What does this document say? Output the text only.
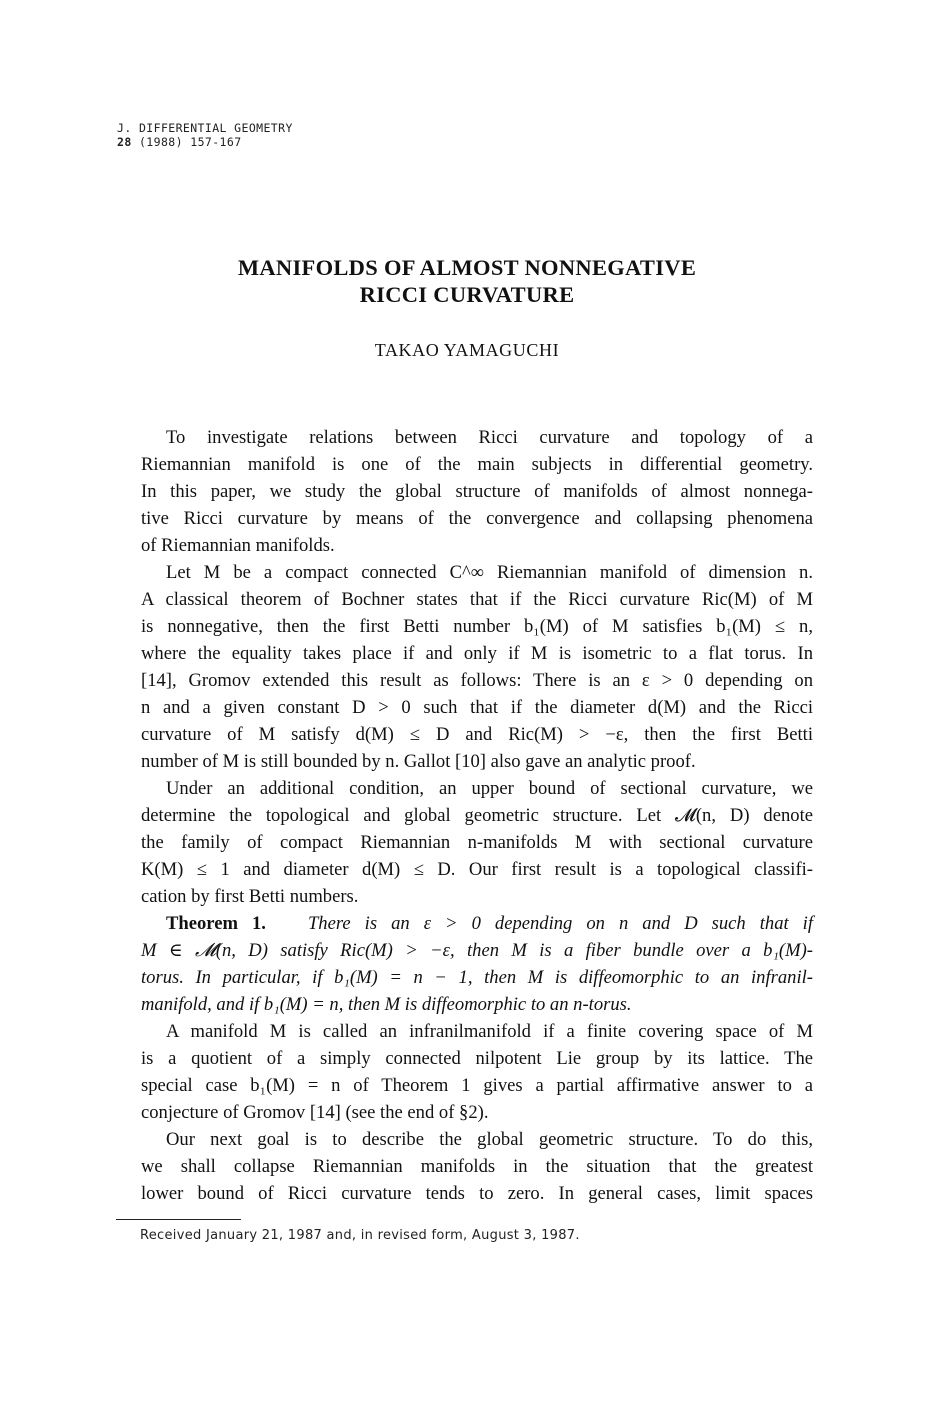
J. DIFFERENTIAL GEOMETRY
28 (1988) 157-167
MANIFOLDS OF ALMOST NONNEGATIVE
RICCI CURVATURE
TAKAO YAMAGUCHI

To investigate relations between Ricci curvature and topology of a
Riemannian manifold is one of the main subjects in differential geometry.
In this paper, we study the global structure of manifolds of almost nonnega-
tive Ricci curvature by means of the convergence and collapsing phenomena
of Riemannian manifolds.

Let M be a compact connected C^∞ Riemannian manifold of dimension n.
A classical theorem of Bochner states that if the Ricci curvature Ric(M) of M
is nonnegative, then the first Betti number b₁(M) of M satisfies b₁(M) ≤ n,
where the equality takes place if and only if M is isometric to a flat torus. In
[14], Gromov extended this result as follows: There is an ε > 0 depending on
n and a given constant D > 0 such that if the diameter d(M) and the Ricci
curvature of M satisfy d(M) ≤ D and Ric(M) > −ε, then the first Betti
number of M is still bounded by n. Gallot [10] also gave an analytic proof.

Under an additional condition, an upper bound of sectional curvature, we
determine the topological and global geometric structure. Let 𝓜(n, D) denote
the family of compact Riemannian n-manifolds M with sectional curvature
K(M) ≤ 1 and diameter d(M) ≤ D. Our first result is a topological classifi-
cation by first Betti numbers.

Theorem 1. There is an ε > 0 depending on n and D such that if
M ∈ 𝓜(n, D) satisfy Ric(M) > −ε, then M is a fiber bundle over a b₁(M)-
torus. In particular, if b₁(M) = n − 1, then M is diffeomorphic to an infranil-
manifold, and if b₁(M) = n, then M is diffeomorphic to an n-torus.

A manifold M is called an infranilmanifold if a finite covering space of M
is a quotient of a simply connected nilpotent Lie group by its lattice. The
special case b₁(M) = n of Theorem 1 gives a partial affirmative answer to a
conjecture of Gromov [14] (see the end of §2).

Our next goal is to describe the global geometric structure. To do this,
we shall collapse Riemannian manifolds in the situation that the greatest
lower bound of Ricci curvature tends to zero. In general cases, limit spaces

Received January 21, 1987 and, in revised form, August 3, 1987.
